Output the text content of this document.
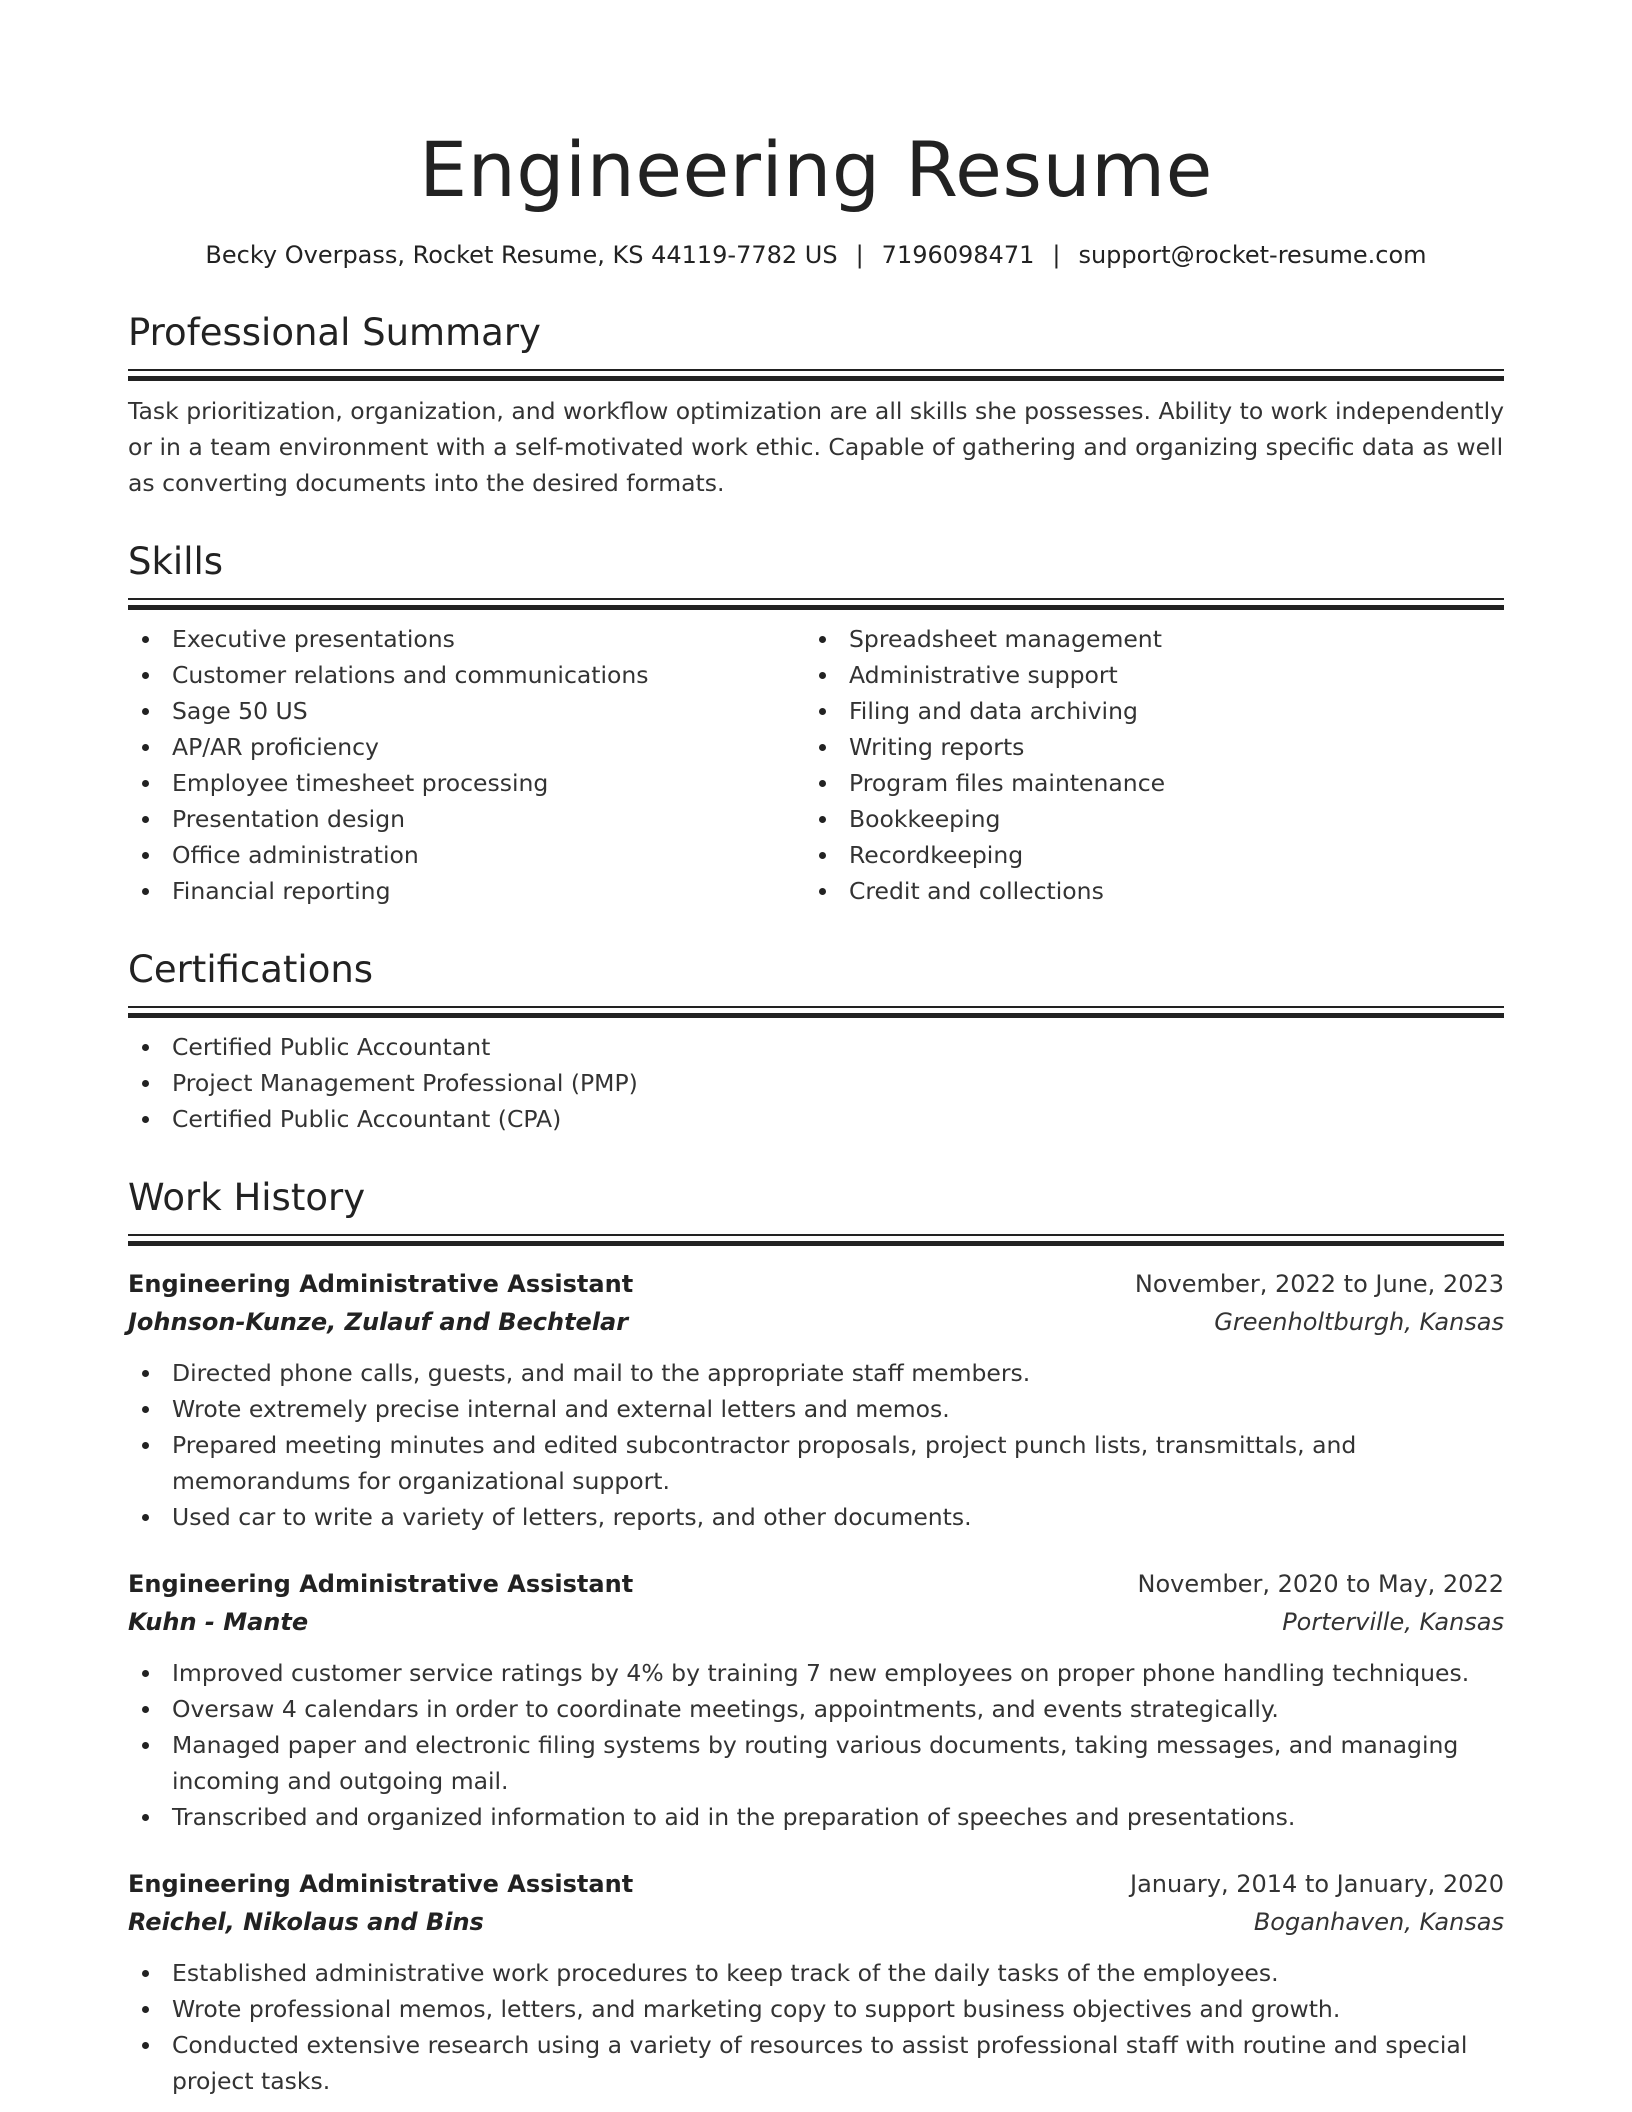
Engineering Resume
Becky Overpass, Rocket Resume, KS 44119-7782 US | 7196098471 | support@rocket-resume.com
Professional Summary
Task prioritization, organization, and workflow optimization are all skills she possesses. Ability to work independently or in a team environment with a self-motivated work ethic. Capable of gathering and organizing specific data as well as converting documents into the desired formats.
Skills
Executive presentations
Customer relations and communications
Sage 50 US
AP/AR proficiency
Employee timesheet processing
Presentation design
Office administration
Financial reporting
Spreadsheet management
Administrative support
Filing and data archiving
Writing reports
Program files maintenance
Bookkeeping
Recordkeeping
Credit and collections
Certifications
Certified Public Accountant
Project Management Professional (PMP)
Certified Public Accountant (CPA)
Work History
Engineering Administrative Assistant	November, 2022 to June, 2023
Johnson-Kunze, Zulauf and Bechtelar	Greenholtburgh, Kansas
Directed phone calls, guests, and mail to the appropriate staff members.
Wrote extremely precise internal and external letters and memos.
Prepared meeting minutes and edited subcontractor proposals, project punch lists, transmittals, and memorandums for organizational support.
Used car to write a variety of letters, reports, and other documents.
Engineering Administrative Assistant	November, 2020 to May, 2022
Kuhn - Mante	Porterville, Kansas
Improved customer service ratings by 4% by training 7 new employees on proper phone handling techniques.
Oversaw 4 calendars in order to coordinate meetings, appointments, and events strategically.
Managed paper and electronic filing systems by routing various documents, taking messages, and managing incoming and outgoing mail.
Transcribed and organized information to aid in the preparation of speeches and presentations.
Engineering Administrative Assistant	January, 2014 to January, 2020
Reichel, Nikolaus and Bins	Boganhaven, Kansas
Established administrative work procedures to keep track of the daily tasks of the employees.
Wrote professional memos, letters, and marketing copy to support business objectives and growth.
Conducted extensive research using a variety of resources to assist professional staff with routine and special project tasks.
